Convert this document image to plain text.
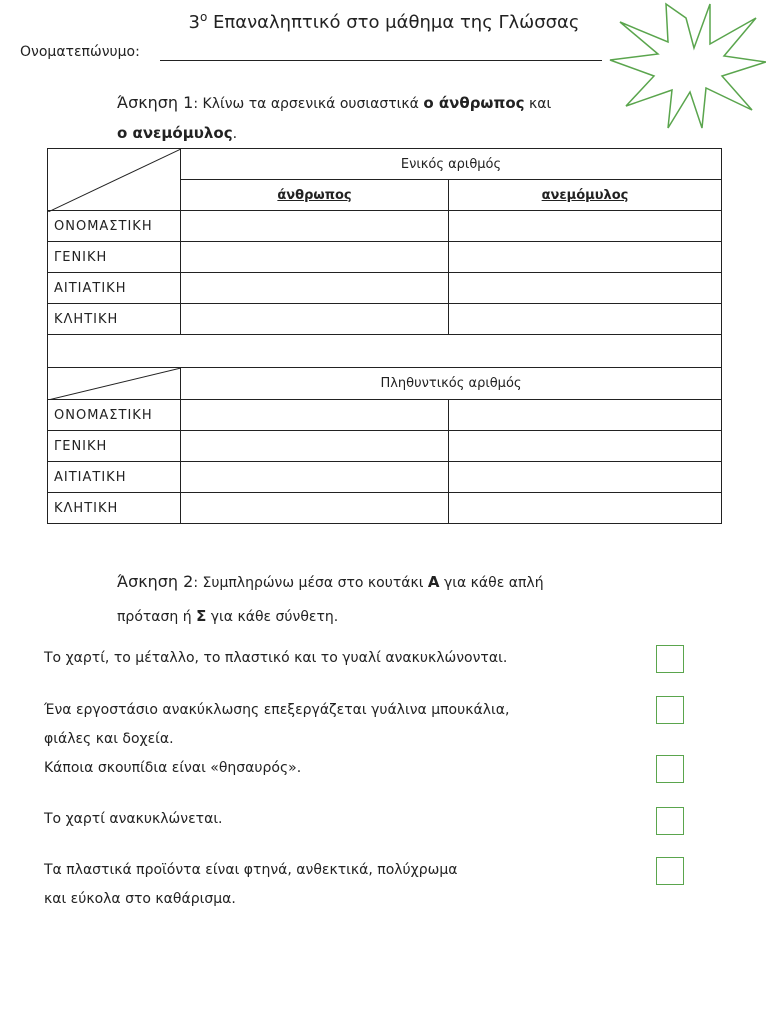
$3^o$ Επαναληπτικό στο μάθημα της Γλώσσας
Ονοματεπώνυμο:
Άσκηση 1: Κλίνω τα αρσενικά ουσιαστικά ο άνθρωπος και
ο ανεμόμυλος.
	Ενικός αριθμός	
	άνθρωπος	ανεμόμυλος
ΟΝΟΜΑΣΤΙΚΗ		
ΓΕΝΙΚΗ		
ΑΙΤΙΑΤΙΚΗ		
ΚΛΗΤΙΚΗ		

	Πληθυντικός αριθμός	
ΟΝΟΜΑΣΤΙΚΗ		
ΓΕΝΙΚΗ		
ΑΙΤΙΑΤΙΚΗ		
ΚΛΗΤΙΚΗ		
Άσκηση 2: Συμπληρώνω μέσα στο κουτάκι Α για κάθε απλή
πρόταση ή Σ για κάθε σύνθετη.
Το χαρτί, το μέταλλο, το πλαστικό και το γυαλί ανακυκλώνονται.
Ένα εργοστάσιο ανακύκλωσης επεξεργάζεται γυάλινα μπουκάλια,
φιάλες και δοχεία.
Κάποια σκουπίδια είναι «θησαυρός».
Το χαρτί ανακυκλώνεται.
Τα πλαστικά προϊόντα είναι φτηνά, ανθεκτικά, πολύχρωμα
και εύκολα στο καθάρισμα.
